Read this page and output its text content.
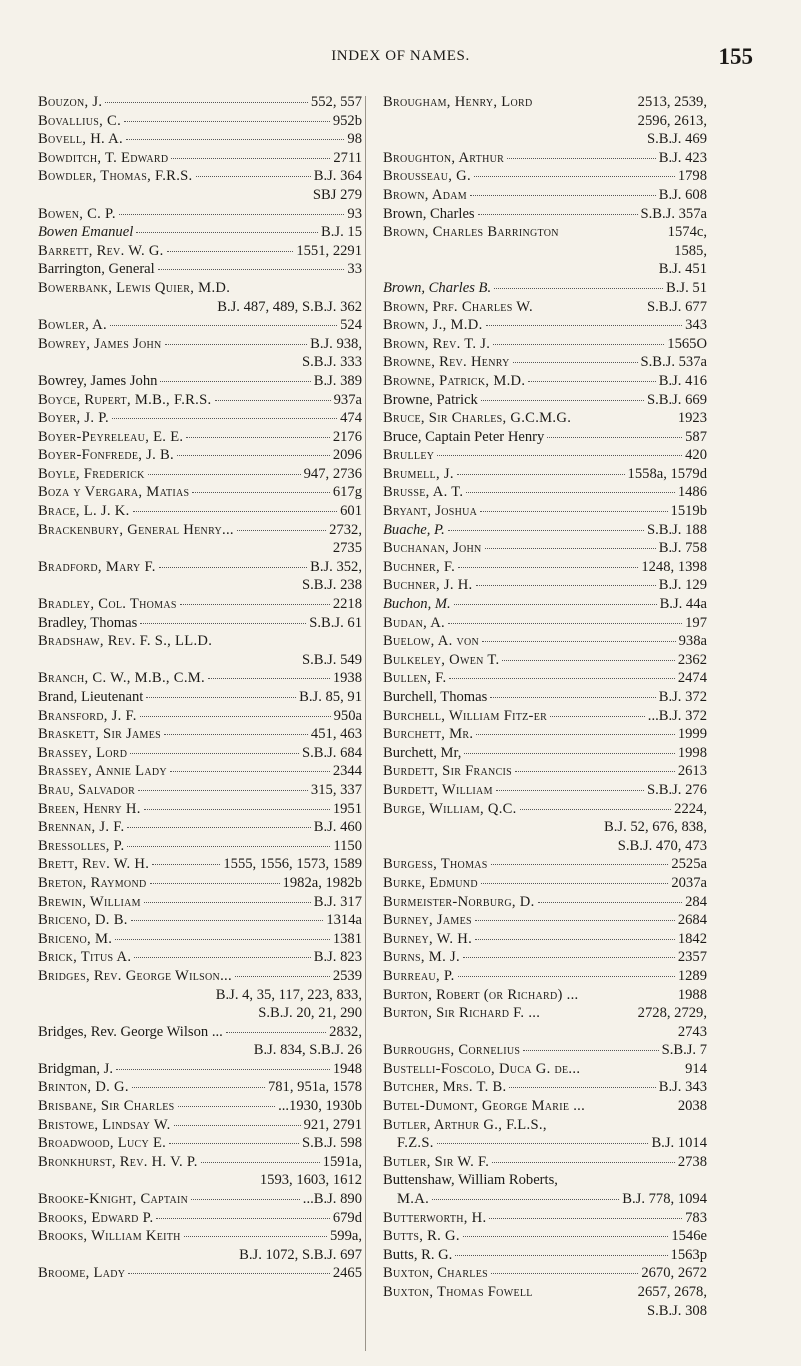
INDEX OF NAMES.	155
Bouzon, J.	552, 557
Bovallius, C.	952b
Bovell, H. A.	98
Bowditch, T. Edward	2711
Bowdler, Thomas, F.R.S.	B.J. 364
SBJ 279
Bowen, C. P.	93
Bowen Emanuel	B.J. 15
Barrett, Rev. W. G.	1551, 2291
Barrington, General	33
Bowerbank, Lewis Quier, M.D.
B.J. 487, 489, S.B.J. 362
Bowler, A.	524
Bowrey, James John	B.J. 938,
S.B.J. 333
Bowrey, James John	B.J. 389
Boyce, Rupert, M.B., F.R.S.	937a
Boyer, J. P.	474
Boyer-Peyreleau, E. E.	2176
Boyer-Fonfrede, J. B.	2096
Boyle, Frederick	947, 2736
Boza y Vergara, Matias	617g
Brace, L. J. K.	601
Brackenbury, General Henry...	2732,
2735
Bradford, Mary F.	B.J. 352,
S.B.J. 238
Bradley, Col. Thomas	2218
Bradley, Thomas	S.B.J. 61
Bradshaw, Rev. F. S., LL.D.
S.B.J. 549
Branch, C. W., M.B., C.M.	1938
Brand, Lieutenant	B.J. 85, 91
Bransford, J. F.	950a
Braskett, Sir James	451, 463
Brassey, Lord	S.B.J. 684
Brassey, Annie Lady	2344
Brau, Salvador	315, 337
Breen, Henry H.	1951
Brennan, J. F.	B.J. 460
Bressolles, P.	1150
Brett, Rev. W. H.	1555, 1556, 1573, 1589
Breton, Raymond	1982a, 1982b
Brewin, William	B.J. 317
Briceno, D. B.	1314a
Briceno, M.	1381
Brick, Titus A.	B.J. 823
Bridges, Rev. George Wilson...	2539
B.J. 4, 35, 117, 223, 833,
S.B.J. 20, 21, 290
Bridges, Rev. George Wilson ...	2832,
B.J. 834, S.B.J. 26
Bridgman, J.	1948
Brinton, D. G.	781, 951a, 1578
Brisbane, Sir Charles	...1930, 1930b
Bristowe, Lindsay W.	921, 2791
Broadwood, Lucy E.	S.B.J. 598
Bronkhurst, Rev. H. V. P.	1591a,
1593, 1603, 1612
Brooke-Knight, Captain	...B.J. 890
Brooks, Edward P.	679d
Brooks, William Keith	599a,
B.J. 1072, S.B.J. 697
Broome, Lady	2465
Brougham, Henry, Lord	2513, 2539,
2596, 2613,
S.B.J. 469
Broughton, Arthur	B.J. 423
Brousseau, G.	1798
Brown, Adam	B.J. 608
Brown, Charles	S.B.J. 357a
Brown, Charles Barrington	1574c,
1585,
B.J. 451
Brown, Charles B.	B.J. 51
Brown, Prf. Charles W.	S.B.J. 677
Brown, J., M.D.	343
Brown, Rev. T. J.	1565O
Browne, Rev. Henry	S.B.J. 537a
Browne, Patrick, M.D.	B.J. 416
Browne, Patrick	S.B.J. 669
Bruce, Sir Charles, G.C.M.G.	1923
Bruce, Captain Peter Henry	587
Brulley	420
Brumell, J.	1558a, 1579d
Brusse, A. T.	1486
Bryant, Joshua	1519b
Buache, P.	S.B.J. 188
Buchanan, John	B.J. 758
Buchner, F.	1248, 1398
Buchner, J. H.	B.J. 129
Buchon, M.	B.J. 44a
Budan, A.	197
Buelow, A. von	938a
Bulkeley, Owen T.	2362
Bullen, F.	2474
Burchell, Thomas	B.J. 372
Burchell, William Fitz-er	...B.J. 372
Burchett, Mr.	1999
Burchett, Mr,	1998
Burdett, Sir Francis	2613
Burdett, William	S.B.J. 276
Burge, William, Q.C.	2224,
B.J. 52, 676, 838,
S.B.J. 470, 473
Burgess, Thomas	2525a
Burke, Edmund	2037a
Burmeister-Norburg, D.	284
Burney, James	2684
Burney, W. H.	1842
Burns, M. J.	2357
Burreau, P.	1289
Burton, Robert (or Richard) ...	1988
Burton, Sir Richard F. ...	2728, 2729,
2743
Burroughs, Cornelius	S.B.J. 7
Bustelli-Foscolo, Duca G. de...	914
Butcher, Mrs. T. B.	B.J. 343
Butel-Dumont, George Marie ...	2038
Butler, Arthur G., F.L.S.,
F.Z.S.	B.J. 1014
Butler, Sir W. F.	2738
Buttenshaw, William Roberts,
M.A.	B.J. 778, 1094
Butterworth, H.	783
Butts, R. G.	1546e
Butts, R. G.	1563p
Buxton, Charles	2670, 2672
Buxton, Thomas Fowell	2657, 2678,
S.B.J. 308
